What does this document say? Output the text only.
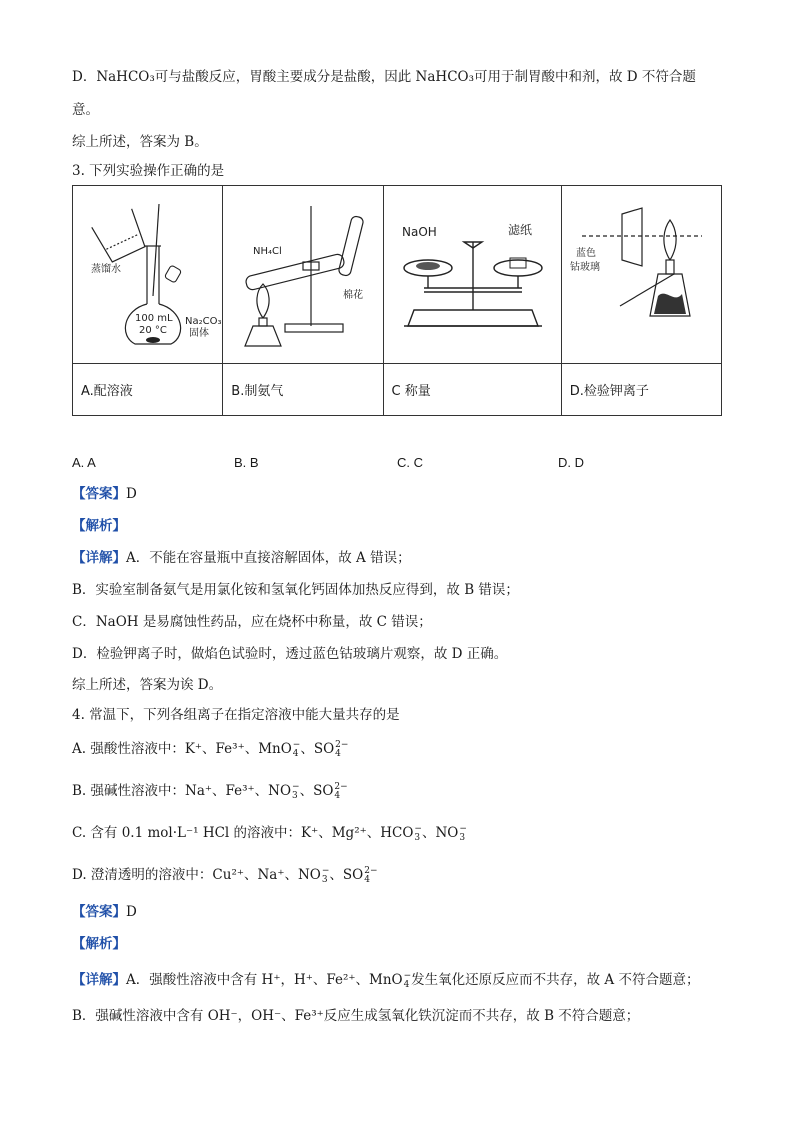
D．NaHCO₃可与盐酸反应，胃酸主要成分是盐酸，因此 NaHCO₃可用于制胃酸中和剂，故 D 不符合题
意。
综上所述，答案为 B。
3. 下列实验操作正确的是
蒸馏水
100 mL
20 °C
Na₂CO₃
固体	NH₄Cl
棉花	NaOH 滤纸	蓝色
钴玻璃

A.配溶液	B.制氨气	C 称量	D.检验钾离子
A. A	B. B	C. C	D. D
【答案】D
【解析】
【详解】A．不能在容量瓶中直接溶解固体，故 A 错误；
B．实验室制备氨气是用氯化铵和氢氧化钙固体加热反应得到，故 B 错误；
C．NaOH 是易腐蚀性药品，应在烧杯中称量，故 C 错误；
D．检验钾离子时，做焰色试验时，透过蓝色钴玻璃片观察，故 D 正确。
综上所述，答案为诶 D。
4. 常温下，下列各组离子在指定溶液中能大量共存的是
A. 强酸性溶液中：K⁺、Fe³⁺、MnO −
4 、SO 2−
4
B. 强碱性溶液中：Na⁺、Fe³⁺、NO −
3 、SO 2−
4
C. 含有 0.1 mol·L⁻¹ HCl 的溶液中：K⁺、Mg²⁺、HCO −
3 、NO −
3
D. 澄清透明的溶液中：Cu²⁺、Na⁺、NO −
3 、SO 2−
4
【答案】D
【解析】
【详解】A．强酸性溶液中含有 H⁺，H⁺、Fe²⁺、MnO −
4 发生氧化还原反应而不共存，故 A 不符合题意；
B．强碱性溶液中含有 OH⁻，OH⁻、Fe³⁺反应生成氢氧化铁沉淀而不共存，故 B 不符合题意；
